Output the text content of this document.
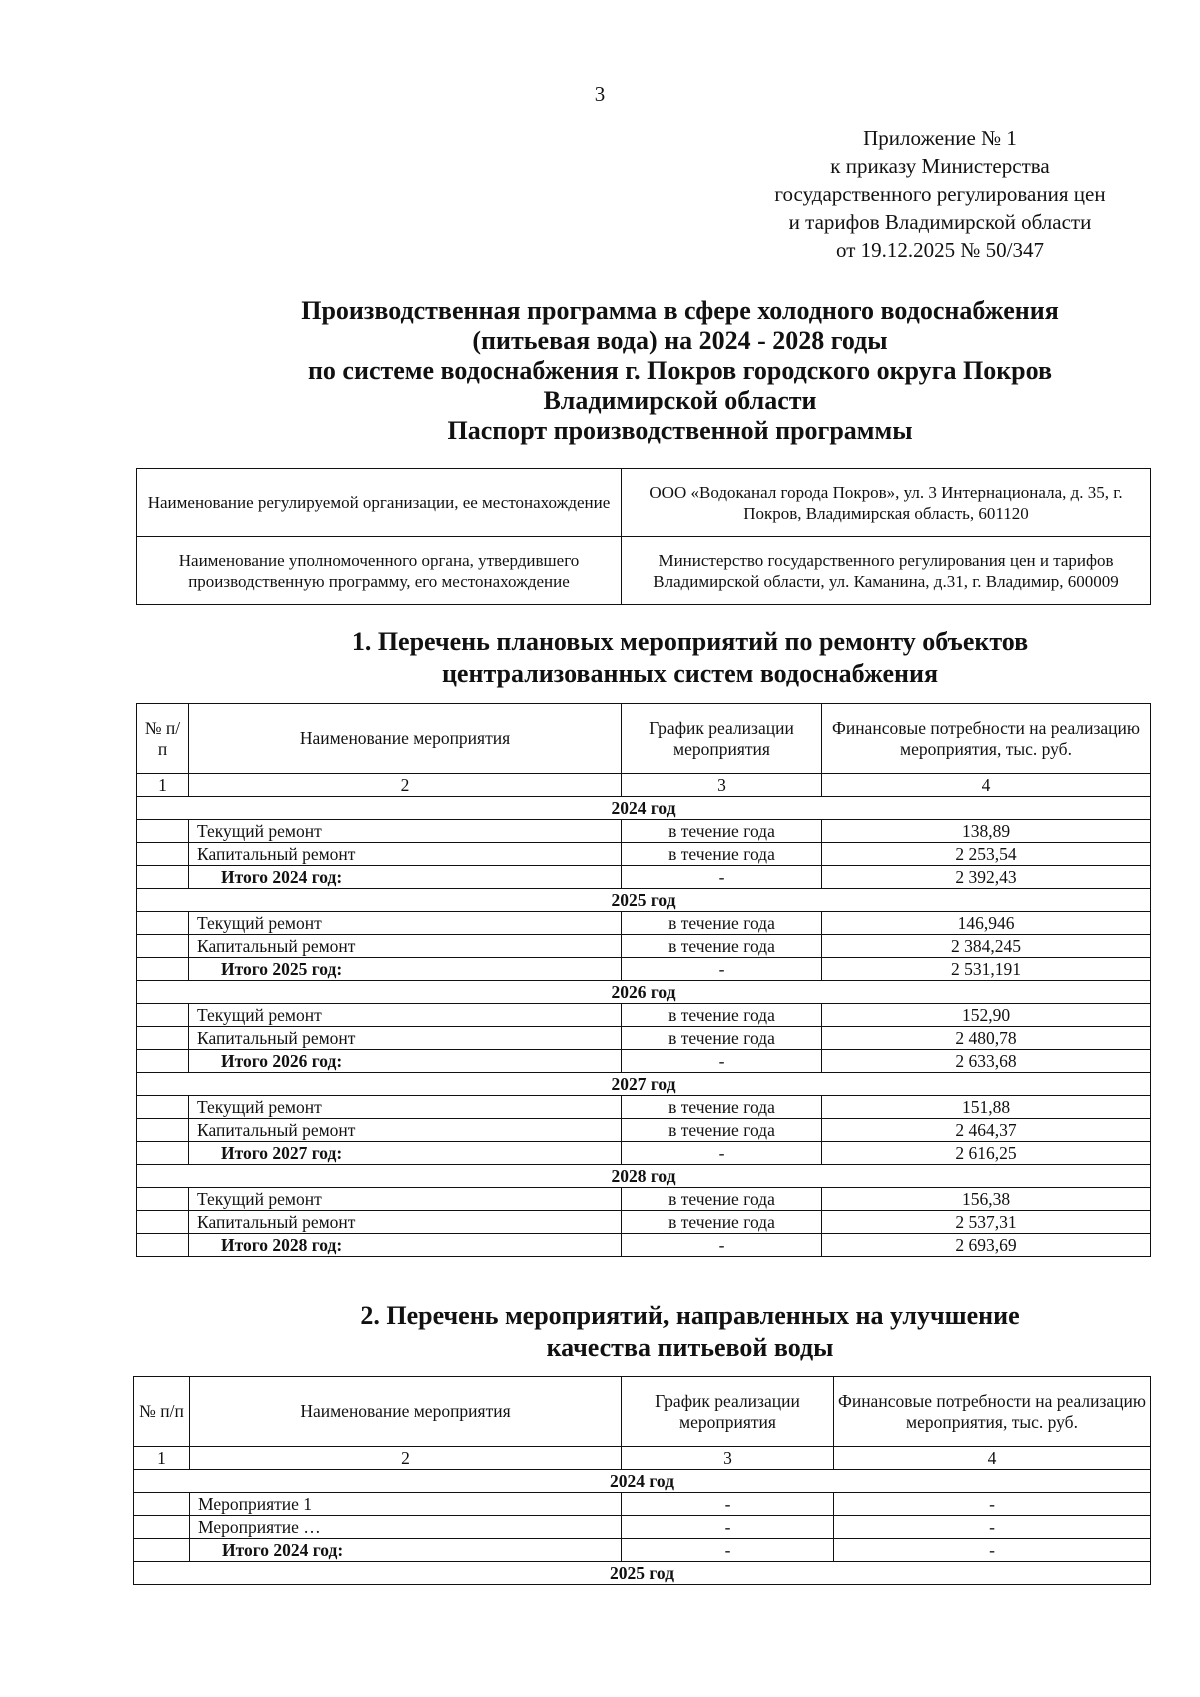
3
Приложение № 1
к приказу Министерства
государственного регулирования цен
и тарифов Владимирской области
от 19.12.2025 № 50/347
Производственная программа в сфере холодного водоснабжения
(питьевая вода) на 2024 - 2028 годы
по системе водоснабжения г. Покров городского округа Покров
Владимирской области
Паспорт производственной программы
Наименование регулируемой организации, ее местонахождение	ООО «Водоканал города Покров», ул. 3 Интернационала, д. 35, г. Покров, Владимирская область, 601120
Наименование уполномоченного органа, утвердившего производственную программу, его местонахождение	Министерство государственного регулирования цен и тарифов Владимирской области, ул. Каманина, д.31, г. Владимир, 600009
1. Перечень плановых мероприятий по ремонту объектов
централизованных систем водоснабжения
№ п/п	Наименование мероприятия	График реализации мероприятия	Финансовые потребности на реализацию мероприятия, тыс. руб.
1	2	3	4
2024 год			
	Текущий ремонт	в течение года	138,89
	Капитальный ремонт	в течение года	2 253,54
	Итого 2024 год:	-	2 392,43
2025 год			
	Текущий ремонт	в течение года	146,946
	Капитальный ремонт	в течение года	2 384,245
	Итого 2025 год:	-	2 531,191
2026 год			
	Текущий ремонт	в течение года	152,90
	Капитальный ремонт	в течение года	2 480,78
	Итого 2026 год:	-	2 633,68
2027 год			
	Текущий ремонт	в течение года	151,88
	Капитальный ремонт	в течение года	2 464,37
	Итого 2027 год:	-	2 616,25
2028 год			
	Текущий ремонт	в течение года	156,38
	Капитальный ремонт	в течение года	2 537,31
	Итого 2028 год:	-	2 693,69
2. Перечень мероприятий, направленных на улучшение
качества питьевой воды
№ п/п	Наименование мероприятия	График реализации мероприятия	Финансовые потребности на реализацию мероприятия, тыс. руб.
1	2	3	4
2024 год			
	Мероприятие 1	-	-
	Мероприятие …	-	-
	Итого 2024 год:	-	-
2025 год			
